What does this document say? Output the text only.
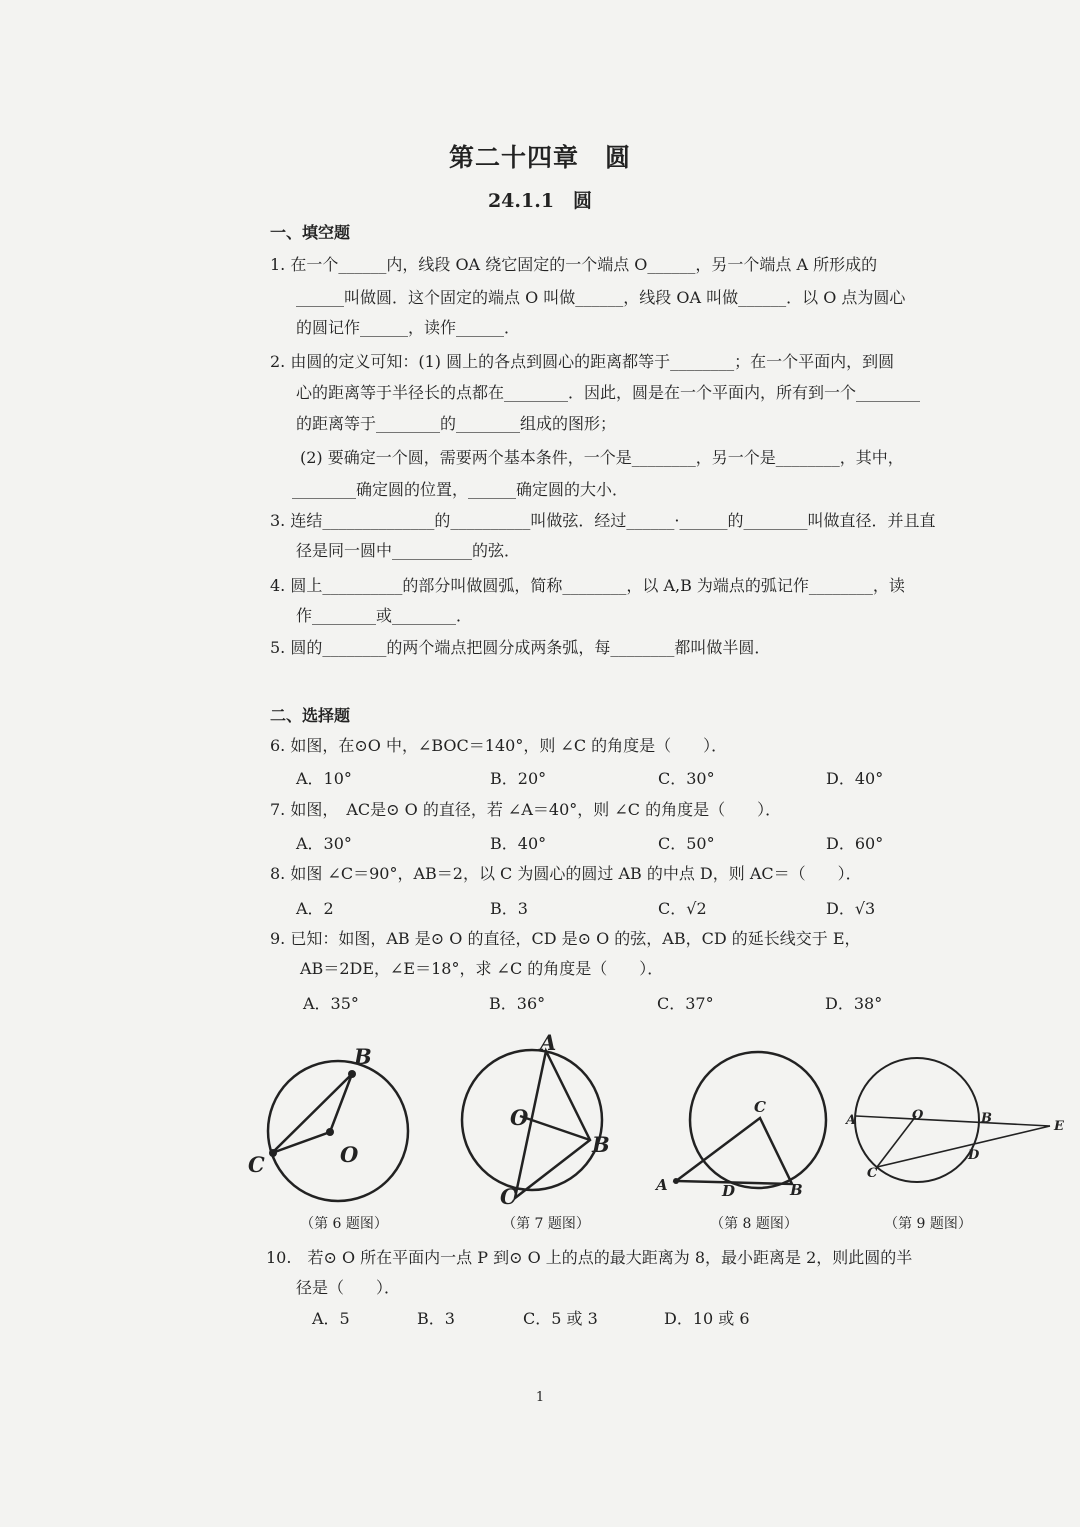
第二十四章　圆
24.1.1　圆
一、填空题
1. 在一个______内，线段 OA 绕它固定的一个端点 O______，另一个端点 A 所形成的
______叫做圆．这个固定的端点 O 叫做______，线段 OA 叫做______．以 O 点为圆心
的圆记作______，读作______．
2. 由圆的定义可知：(1) 圆上的各点到圆心的距离都等于________；在一个平面内，到圆
心的距离等于半径长的点都在________．因此，圆是在一个平面内，所有到一个________
的距离等于________的________组成的图形；
(2) 要确定一个圆，需要两个基本条件，一个是________，另一个是________，其中，
________确定圆的位置，______确定圆的大小．
3. 连结______________的__________叫做弦．经过______·______的________叫做直径．并且直
径是同一圆中__________的弦．
4. 圆上__________的部分叫做圆弧，简称________，以 A,B 为端点的弧记作________，读
作________或________．
5. 圆的________的两个端点把圆分成两条弧，每________都叫做半圆．
二、选择题
6. 如图，在⊙O 中，∠BOC＝140°，则 ∠C 的角度是（　　）．
A．10°	B．20°	C．30°	D．40°
7. 如图，　AC是⊙ O 的直径，若 ∠A＝40°，则 ∠C 的角度是（　　）．
A．30°	B．40°	C．50°	D．60°
8. 如图 ∠C＝90°，AB＝2，以 C 为圆心的圆过 AB 的中点 D，则 AC＝（　　）．
A．2	B．3	C．√2	D．√3
9. 已知：如图，AB 是⊙ O 的直径，CD 是⊙ O 的弦，AB，CD 的延长线交于 E，
AB＝2DE，∠E＝18°，求 ∠C 的角度是（　　）．
A．35°	B．36°	C．37°	D．38°
B
C	O
A
O
B
C
C
A	D	B
A	O	B
E
C
D
（第 6 题图）	（第 7 题图）	（第 8 题图）	（第 9 题图）
10.　若⊙ O 所在平面内一点 P 到⊙ O 上的点的最大距离为 8，最小距离是 2，则此圆的半
径是（　　）．
A．5	B．3	C．5 或 3	D．10 或 6
1
